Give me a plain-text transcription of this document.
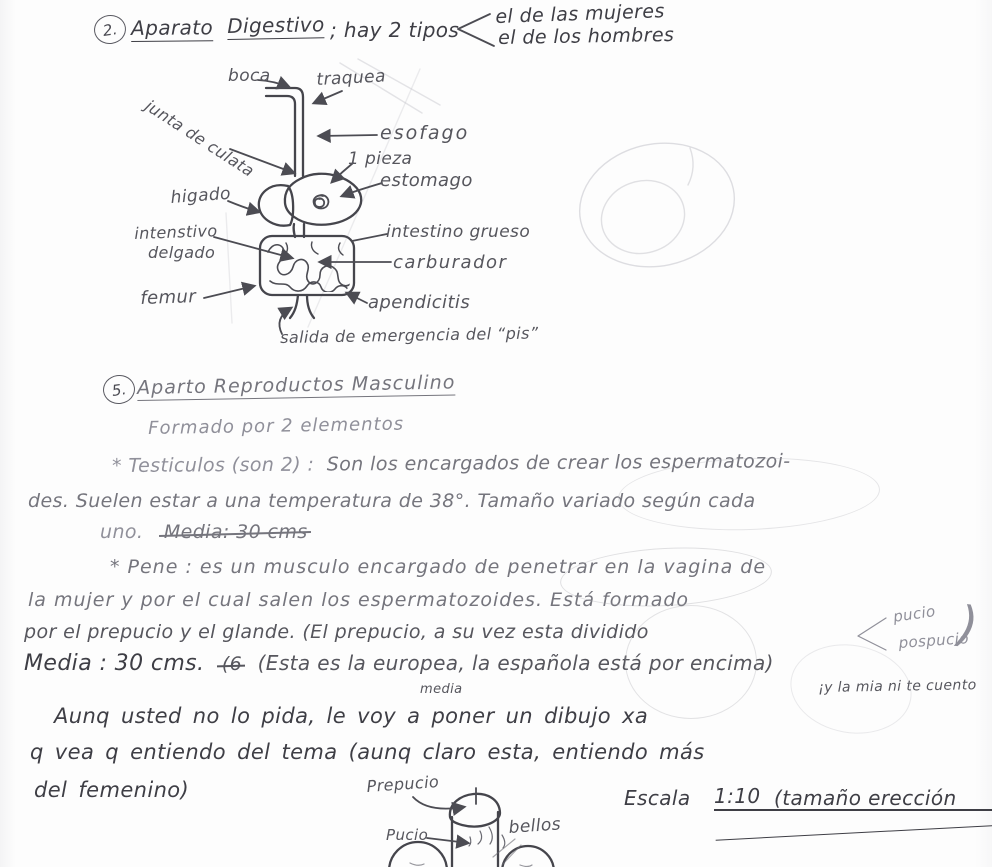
2. Aparato Digestivo ; hay 2 tipos
el de las mujeres
el de los hombres
boca	traquea
junta de culata	esofago
1 pieza
estomago
higado
intestino grueso
intenstivo
delgado	carburador
femur	apendicitis
salida de emergencia del “pis”
5. Aparto Reproductos Masculino
Formado por 2 elementos
* Testiculos (son 2) : Son los encargados de crear los espermatozoi-
des. Suelen estar a una temperatura de 38°. Tamaño variado según cada
uno. Media: 30 cms
* Pene : es un musculo encargado de penetrar en la vagina de
la mujer y por el cual salen los espermatozoides. Está formado
por el prepucio y el glande. (El prepucio, a su vez esta dividido
pucio
pospucio
)
Media : 30 cms. (6 (Esta es la europea, la española está por encima)
media	¡y la mia ni te cuento
Aunq usted no lo pida, le voy a poner un dibujo xa
q vea q entiendo del tema (aunq claro esta, entiendo más
del femenino)	Escala 1:10 (tamaño erección
Prepucio
Pucio	bellos
